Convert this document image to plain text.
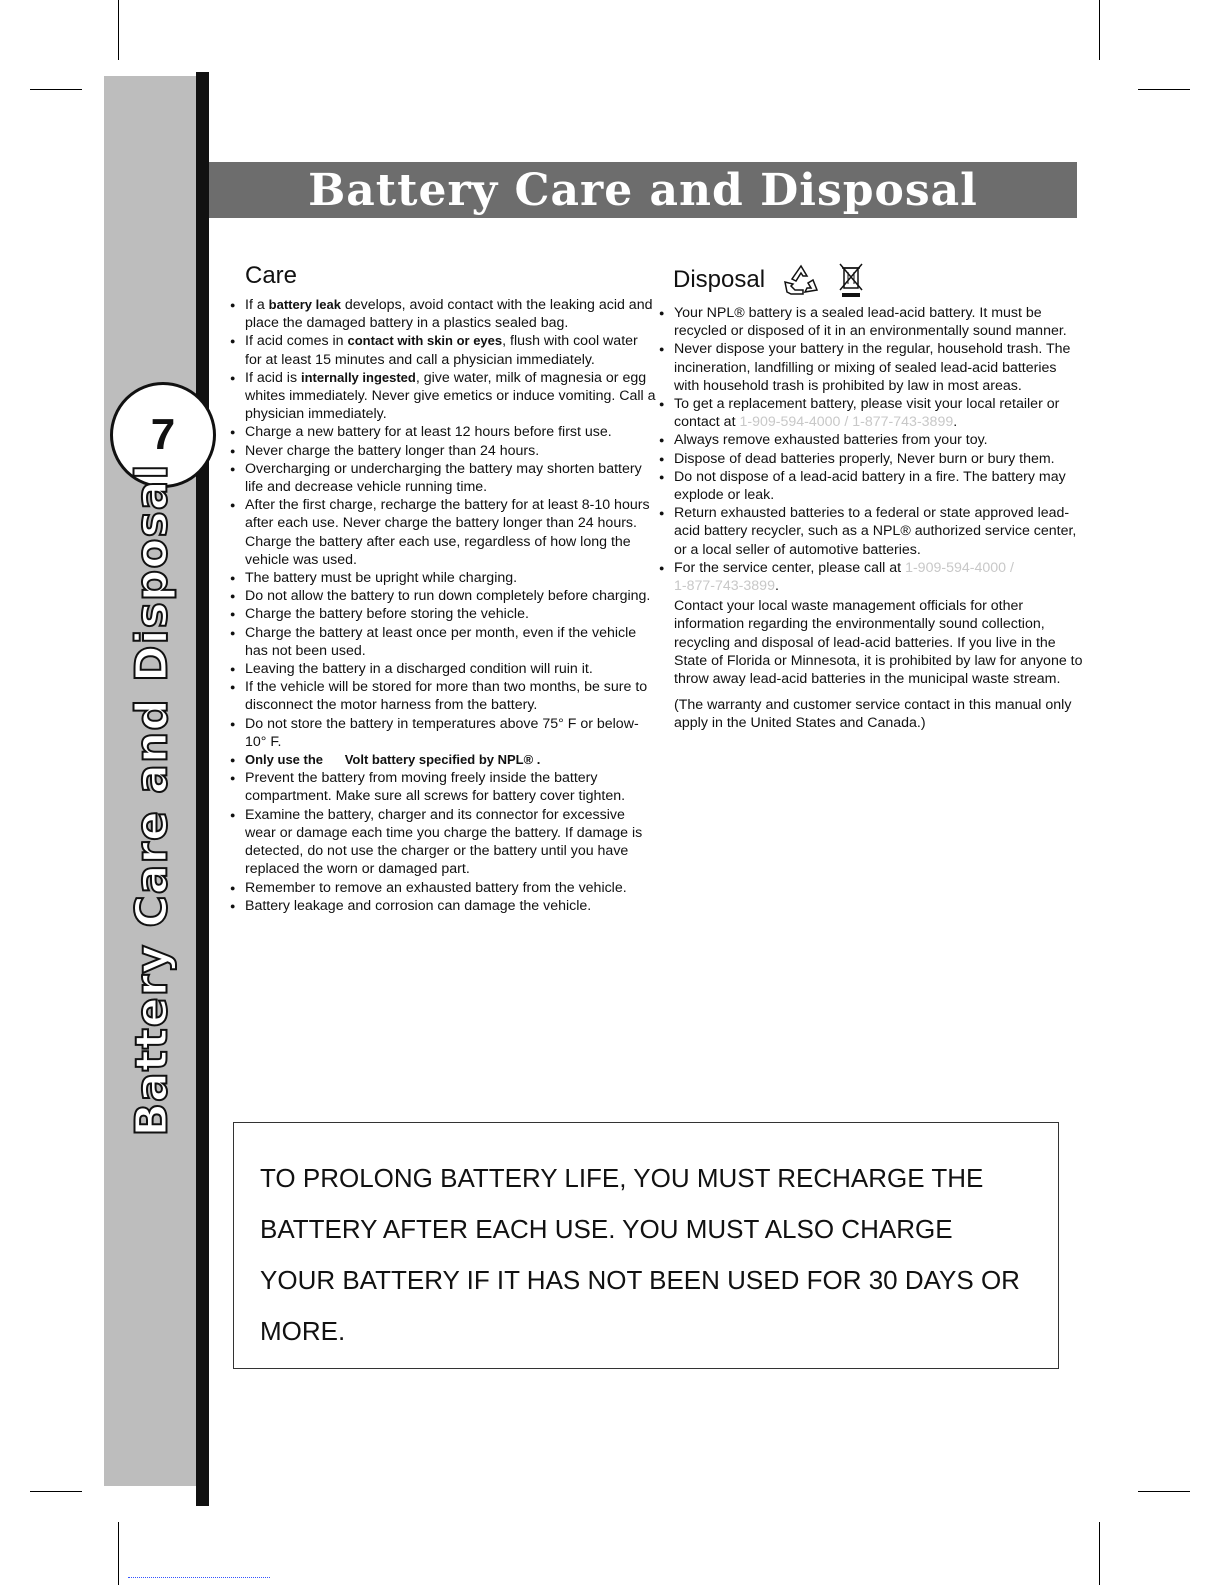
7
Battery Care and Disposal
Battery Care and Disposal
Care
● If a battery leak develops, avoid contact with the leaking acid and place the damaged battery in a plastics sealed bag.
● If acid comes in contact with skin or eyes, flush with cool water for at least 15 minutes and call a physician immediately.
● If acid is internally ingested, give water, milk of magnesia or egg whites immediately. Never give emetics or induce vomiting. Call a physician immediately.
● Charge a new battery for at least 12 hours before first use.
● Never charge the battery longer than 24 hours.
● Overcharging or undercharging the battery may shorten battery life and decrease vehicle running time.
● After the first charge, recharge the battery for at least 8-10 hours after each use. Never charge the battery longer than 24 hours. Charge the battery after each use, regardless of how long the vehicle was used.
● The battery must be upright while charging.
● Do not allow the battery to run down completely before charging.
● Charge the battery before storing the vehicle.
● Charge the battery at least once per month, even if the vehicle has not been used.
● Leaving the battery in a discharged condition will ruin it.
● If the vehicle will be stored for more than two months, be sure to disconnect the motor harness from the battery.
● Do not store the battery in temperatures above 75° F or below-10° F.
● Only use the      Volt battery specified by NPL® .
● Prevent the battery from moving freely inside the battery compartment. Make sure all screws for battery cover tighten.
● Examine the battery, charger and its connector for excessive wear or damage each time you charge the battery. If damage is detected, do not use the charger or the battery until you have replaced the worn or damaged part.
● Remember to remove an exhausted battery from the vehicle.
● Battery leakage and corrosion can damage the vehicle.
Disposal
● Your NPL® battery is a sealed lead-acid battery. It must be recycled or disposed of it in an environmentally sound manner.
● Never dispose your battery in the regular, household trash. The incineration, landfilling or mixing of sealed lead-acid batteries with household trash is prohibited by law in most areas.
● To get a replacement battery, please visit your local retailer or contact at 1-909-594-4000 / 1-877-743-3899.
● Always remove exhausted batteries from your toy.
● Dispose of dead batteries properly, Never burn or bury them.
● Do not dispose of a lead-acid battery in a fire. The battery may explode or leak.
● Return exhausted batteries to a federal or state approved lead-acid battery recycler, such as a NPL® authorized service center, or a local seller of automotive batteries.
● For the service center, please call at 1-909-594-4000 /
1-877-743-3899.
Contact your local waste management officials for other information regarding the environmentally sound collection, recycling and disposal of lead-acid batteries. If you live in the State of Florida or Minnesota, it is prohibited by law for anyone to throw away lead-acid batteries in the municipal waste stream.
(The warranty and customer service contact in this manual only apply in the United States and Canada.)
TO PROLONG BATTERY LIFE, YOU MUST RECHARGE THE BATTERY AFTER EACH USE. YOU MUST ALSO CHARGE YOUR BATTERY IF IT HAS NOT BEEN USED FOR 30 DAYS OR MORE.
